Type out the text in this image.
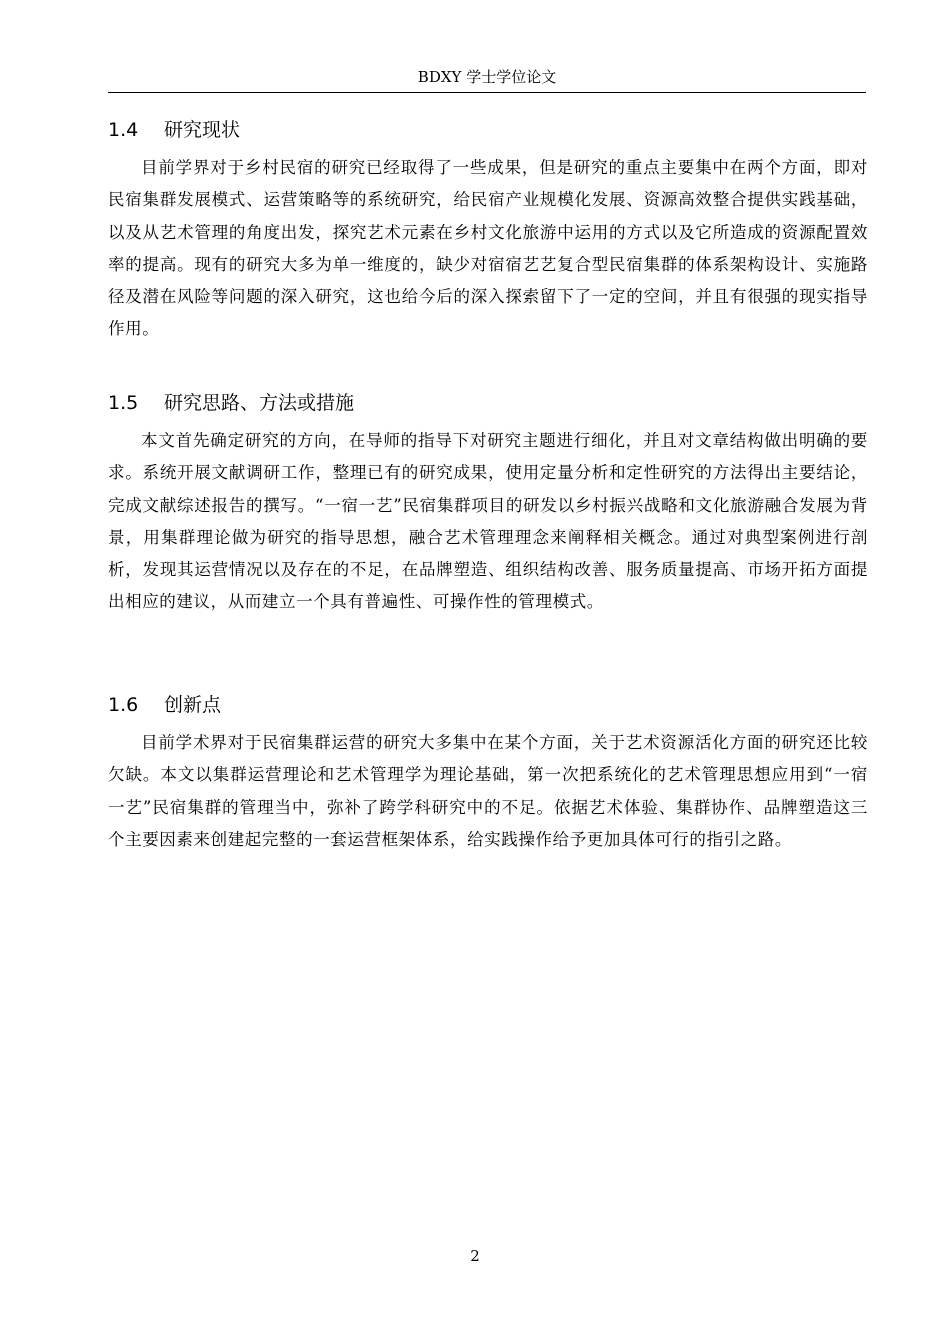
BDXY 学士学位论文
1.4 研究现状

目前学界对于乡村民宿的研究已经取得了一些成果，但是研究的重点主要集中在两个方面，即对民宿集群发展模式、运营策略等的系统研究，给民宿产业规模化发展、资源高效整合提供实践基础，以及从艺术管理的角度出发，探究艺术元素在乡村文化旅游中运用的方式以及它所造成的资源配置效率的提高。现有的研究大多为单一维度的，缺少对宿宿艺艺复合型民宿集群的体系架构设计、实施路径及潜在风险等问题的深入研究，这也给今后的深入探索留下了一定的空间，并且有很强的现实指导作用。

1.5 研究思路、方法或措施

本文首先确定研究的方向，在导师的指导下对研究主题进行细化，并且对文章结构做出明确的要求。系统开展文献调研工作，整理已有的研究成果，使用定量分析和定性研究的方法得出主要结论，完成文献综述报告的撰写。“一宿一艺”民宿集群项目的研发以乡村振兴战略和文化旅游融合发展为背景，用集群理论做为研究的指导思想，融合艺术管理理念来阐释相关概念。通过对典型案例进行剖析，发现其运营情况以及存在的不足，在品牌塑造、组织结构改善、服务质量提高、市场开拓方面提出相应的建议，从而建立一个具有普遍性、可操作性的管理模式。

1.6 创新点

目前学术界对于民宿集群运营的研究大多集中在某个方面，关于艺术资源活化方面的研究还比较欠缺。本文以集群运营理论和艺术管理学为理论基础，第一次把系统化的艺术管理思想应用到“一宿一艺”民宿集群的管理当中，弥补了跨学科研究中的不足。依据艺术体验、集群协作、品牌塑造这三个主要因素来创建起完整的一套运营框架体系，给实践操作给予更加具体可行的指引之路。

2
